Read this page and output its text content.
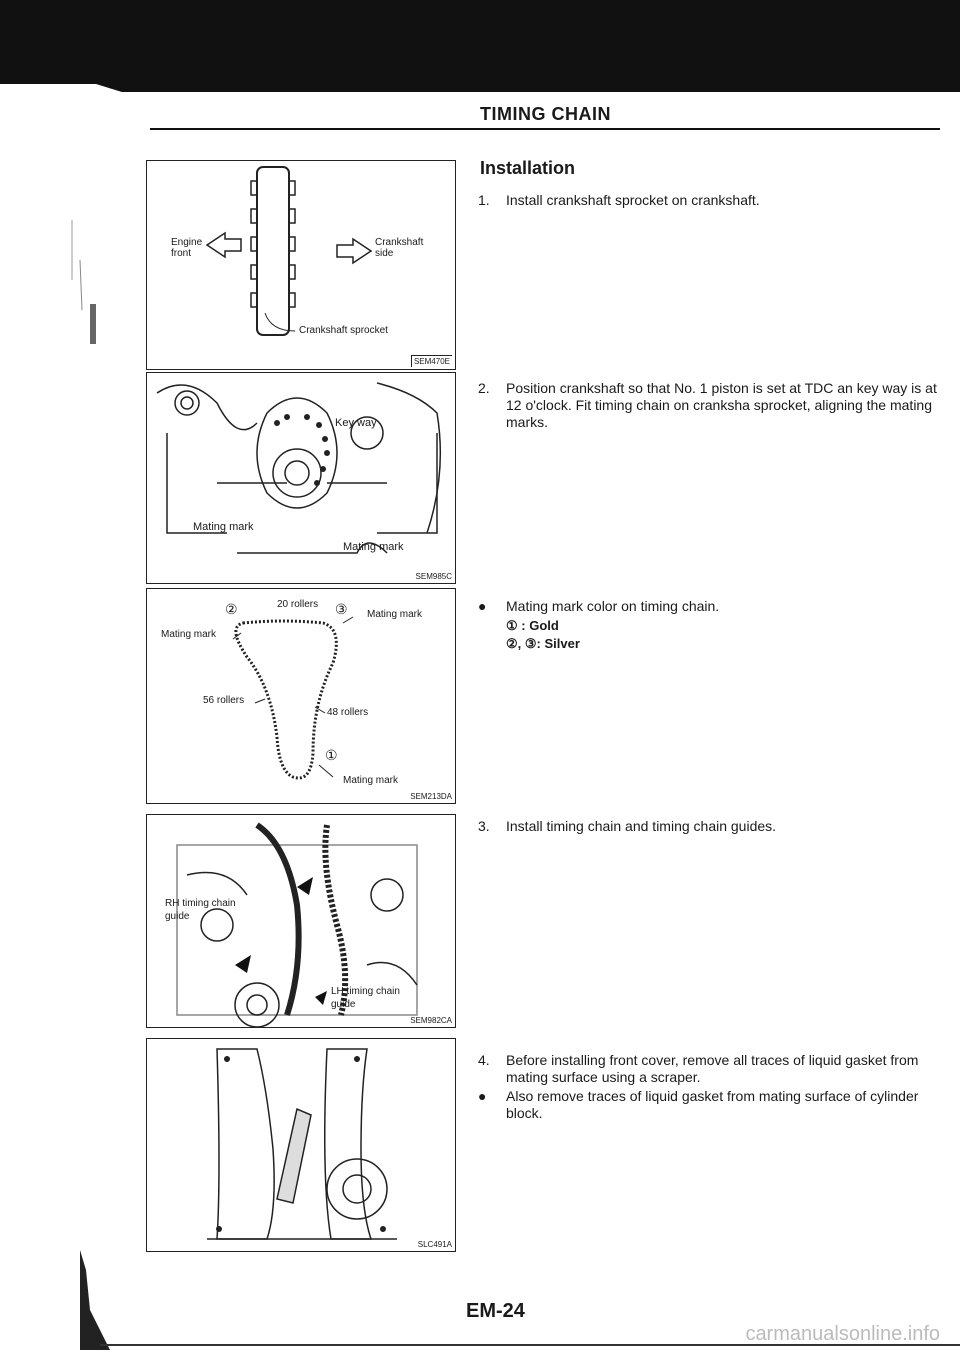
TIMING CHAIN
Engine front
Crankshaft side
Crankshaft sprocket
SEM470E
Key way
Mating mark
Mating mark
SEM985C
②	20 rollers ③ Mating mark
Mating mark
56 rollers
48 rollers
①
Mating mark
SEM213DA
RH timing chain guide
LH timing chain guide
SEM982CA
SLC491A
Installation
1. Install crankshaft sprocket on crankshaft.
2. Position crankshaft so that No. 1 piston is set at TDC an key way is at 12 o'clock. Fit timing chain on cranksha sprocket, aligning the mating marks.
● Mating mark color on timing chain.
① : Gold
②, ③: Silver
3. Install timing chain and timing chain guides.
4. Before installing front cover, remove all traces of liquid gasket from mating surface using a scraper.
● Also remove traces of liquid gasket from mating surface of cylinder block.
EM-24
carmanualsonline.info
